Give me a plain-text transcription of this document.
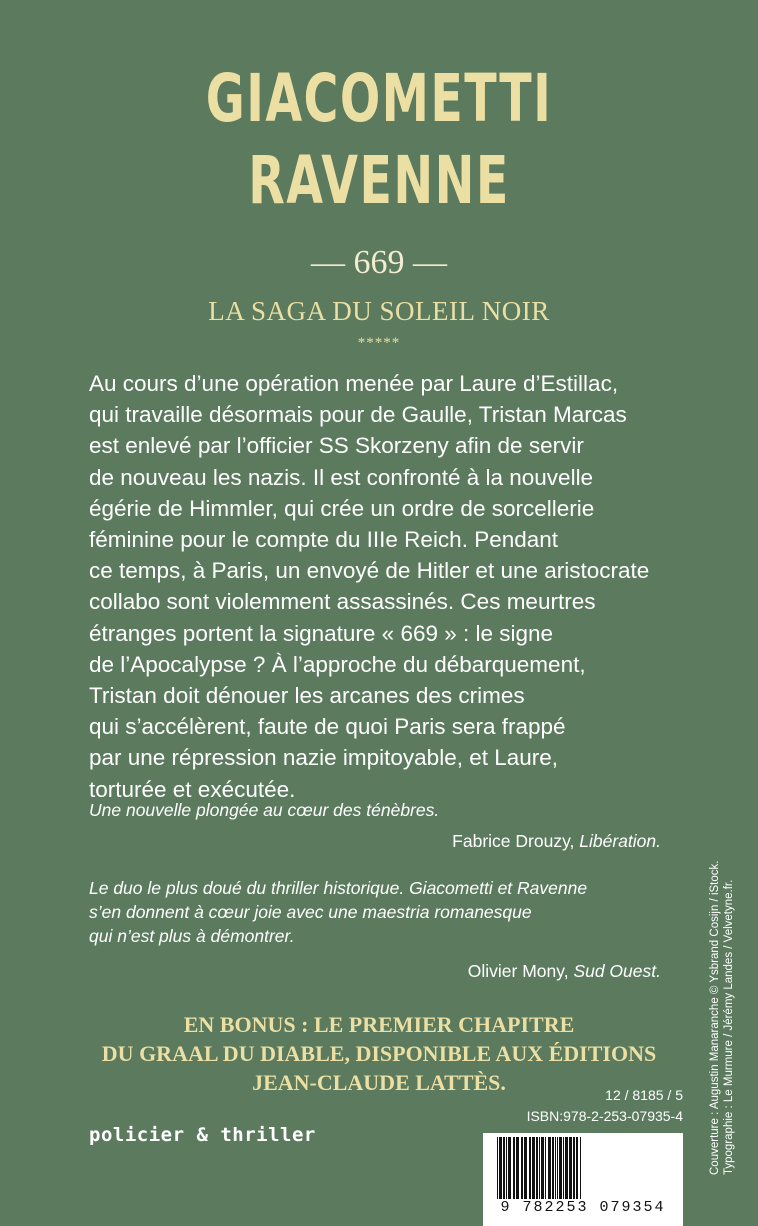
GIACOMETTI
RAVENNE
— 669 —
LA SAGA DU SOLEIL NOIR
*****
Au cours d’une opération menée par Laure d’Estillac,
qui travaille désormais pour de Gaulle, Tristan Marcas
est enlevé par l’officier SS Skorzeny afin de servir
de nouveau les nazis. Il est confronté à la nouvelle
égérie de Himmler, qui crée un ordre de sorcellerie
féminine pour le compte du IIIe Reich. Pendant
ce temps, à Paris, un envoyé de Hitler et une aristocrate
collabo sont violemment assassinés. Ces meurtres
étranges portent la signature « 669 » : le signe
de l’Apocalypse ? À l’approche du débarquement,
Tristan doit dénouer les arcanes des crimes
qui s’accélèrent, faute de quoi Paris sera frappé
par une répression nazie impitoyable, et Laure,
torturée et exécutée.
Une nouvelle plongée au cœur des ténèbres.
Fabrice Drouzy, Libération.
Le duo le plus doué du thriller historique. Giacometti et Ravenne
s’en donnent à cœur joie avec une maestria romanesque
qui n’est plus à démontrer.
Olivier Mony, Sud Ouest.
EN BONUS : LE PREMIER CHAPITRE
DU GRAAL DU DIABLE, DISPONIBLE AUX ÉDITIONS
JEAN-CLAUDE LATTÈS.	12 / 8185 / 5
ISBN:978-2-253-07935-4
policier & thriller
9 782253 079354
Couverture : Augustin Manaranche © Ysbrand Cosijn / iStock. Typographie : Le Murmure / Jérémy Landes / Velvetyne.fr.
